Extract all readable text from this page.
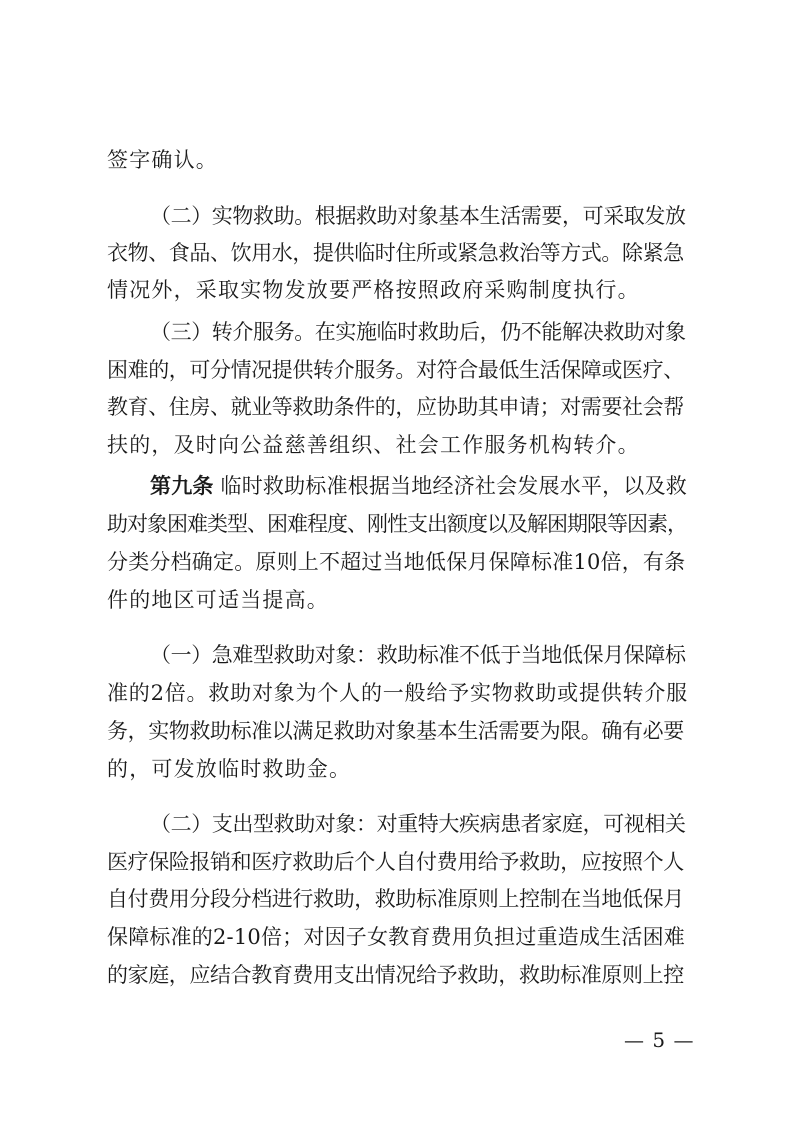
签字确认。
（二）实物救助。根据救助对象基本生活需要，可采取发放
衣物、食品、饮用水，提供临时住所或紧急救治等方式。除紧急
情况外，采取实物发放要严格按照政府采购制度执行。
（三）转介服务。在实施临时救助后，仍不能解决救助对象
困难的，可分情况提供转介服务。对符合最低生活保障或医疗、
教育、住房、就业等救助条件的，应协助其申请；对需要社会帮
扶的，及时向公益慈善组织、社会工作服务机构转介。
第九条 临时救助标准根据当地经济社会发展水平，以及救
助对象困难类型、困难程度、刚性支出额度以及解困期限等因素，
分类分档确定。原则上不超过当地低保月保障标准10倍，有条
件的地区可适当提高。
（一）急难型救助对象：救助标准不低于当地低保月保障标
准的2倍。救助对象为个人的一般给予实物救助或提供转介服
务，实物救助标准以满足救助对象基本生活需要为限。确有必要
的，可发放临时救助金。
（二）支出型救助对象：对重特大疾病患者家庭，可视相关
医疗保险报销和医疗救助后个人自付费用给予救助，应按照个人
自付费用分段分档进行救助，救助标准原则上控制在当地低保月
保障标准的2-10倍；对因子女教育费用负担过重造成生活困难
的家庭，应结合教育费用支出情况给予救助，救助标准原则上控
— 5 —
